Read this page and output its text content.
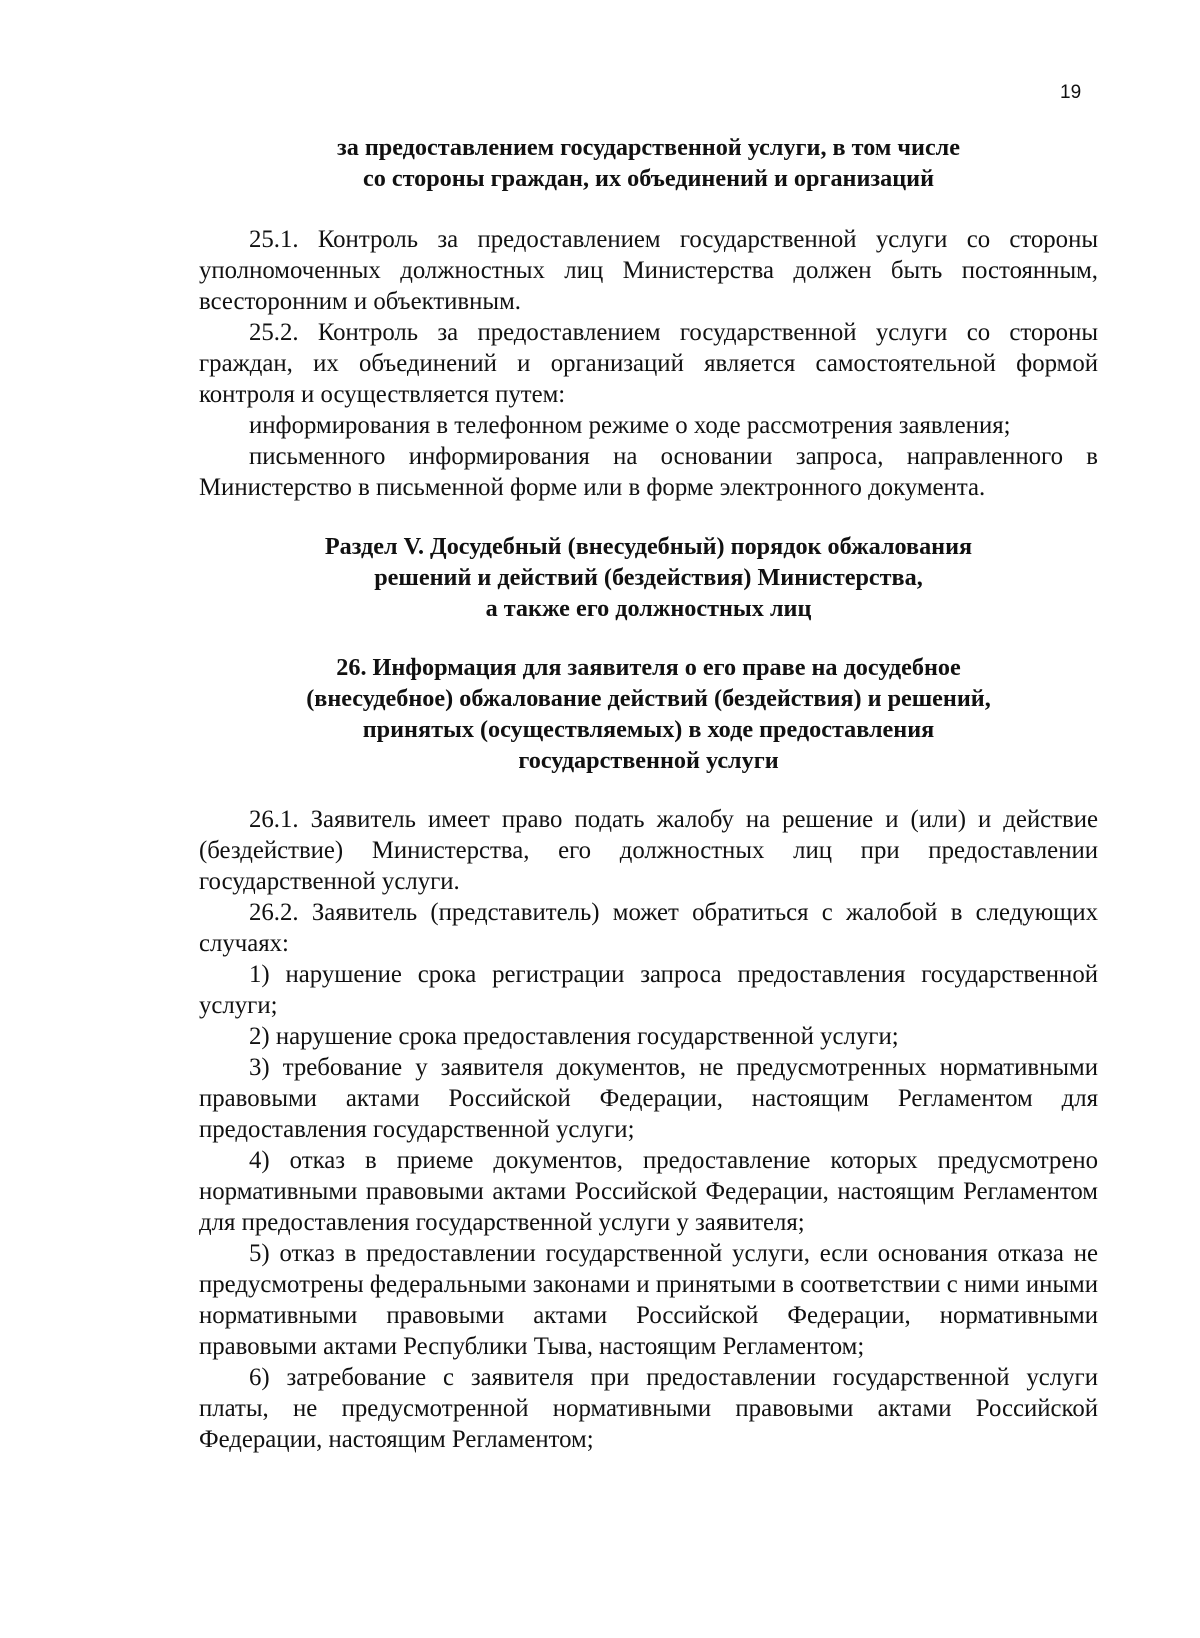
19
за предоставлением государственной услуги, в том числе
со стороны граждан, их объединений и организаций

25.1. Контроль за предоставлением государственной услуги со стороны уполномоченных должностных лиц Министерства должен быть постоянным, всесторонним и объективным.

25.2. Контроль за предоставлением государственной услуги со стороны граждан, их объединений и организаций является самостоятельной формой контроля и осуществляется путем:

информирования в телефонном режиме о ходе рассмотрения заявления;

письменного информирования на основании запроса, направленного в Министерство в письменной форме или в форме электронного документа.

Раздел V. Досудебный (внесудебный) порядок обжалования
решений и действий (бездействия) Министерства,
а также его должностных лиц
26. Информация для заявителя о его праве на досудебное
(внесудебное) обжалование действий (бездействия) и решений,
принятых (осуществляемых) в ходе предоставления
государственной услуги

26.1. Заявитель имеет право подать жалобу на решение и (или) и действие (бездействие) Министерства, его должностных лиц при предоставлении государственной услуги.

26.2. Заявитель (представитель) может обратиться с жалобой в следующих случаях:

1) нарушение срока регистрации запроса предоставления государственной услуги;

2) нарушение срока предоставления государственной услуги;

3) требование у заявителя документов, не предусмотренных нормативными правовыми актами Российской Федерации, настоящим Регламентом для предоставления государственной услуги;

4) отказ в приеме документов, предоставление которых предусмотрено нормативными правовыми актами Российской Федерации, настоящим Регламентом для предоставления государственной услуги у заявителя;

5) отказ в предоставлении государственной услуги, если основания отказа не предусмотрены федеральными законами и принятыми в соответствии с ними иными нормативными правовыми актами Российской Федерации, нормативными правовыми актами Республики Тыва, настоящим Регламентом;

6) затребование с заявителя при предоставлении государственной услуги платы, не предусмотренной нормативными правовыми актами Российской Федерации, настоящим Регламентом;
